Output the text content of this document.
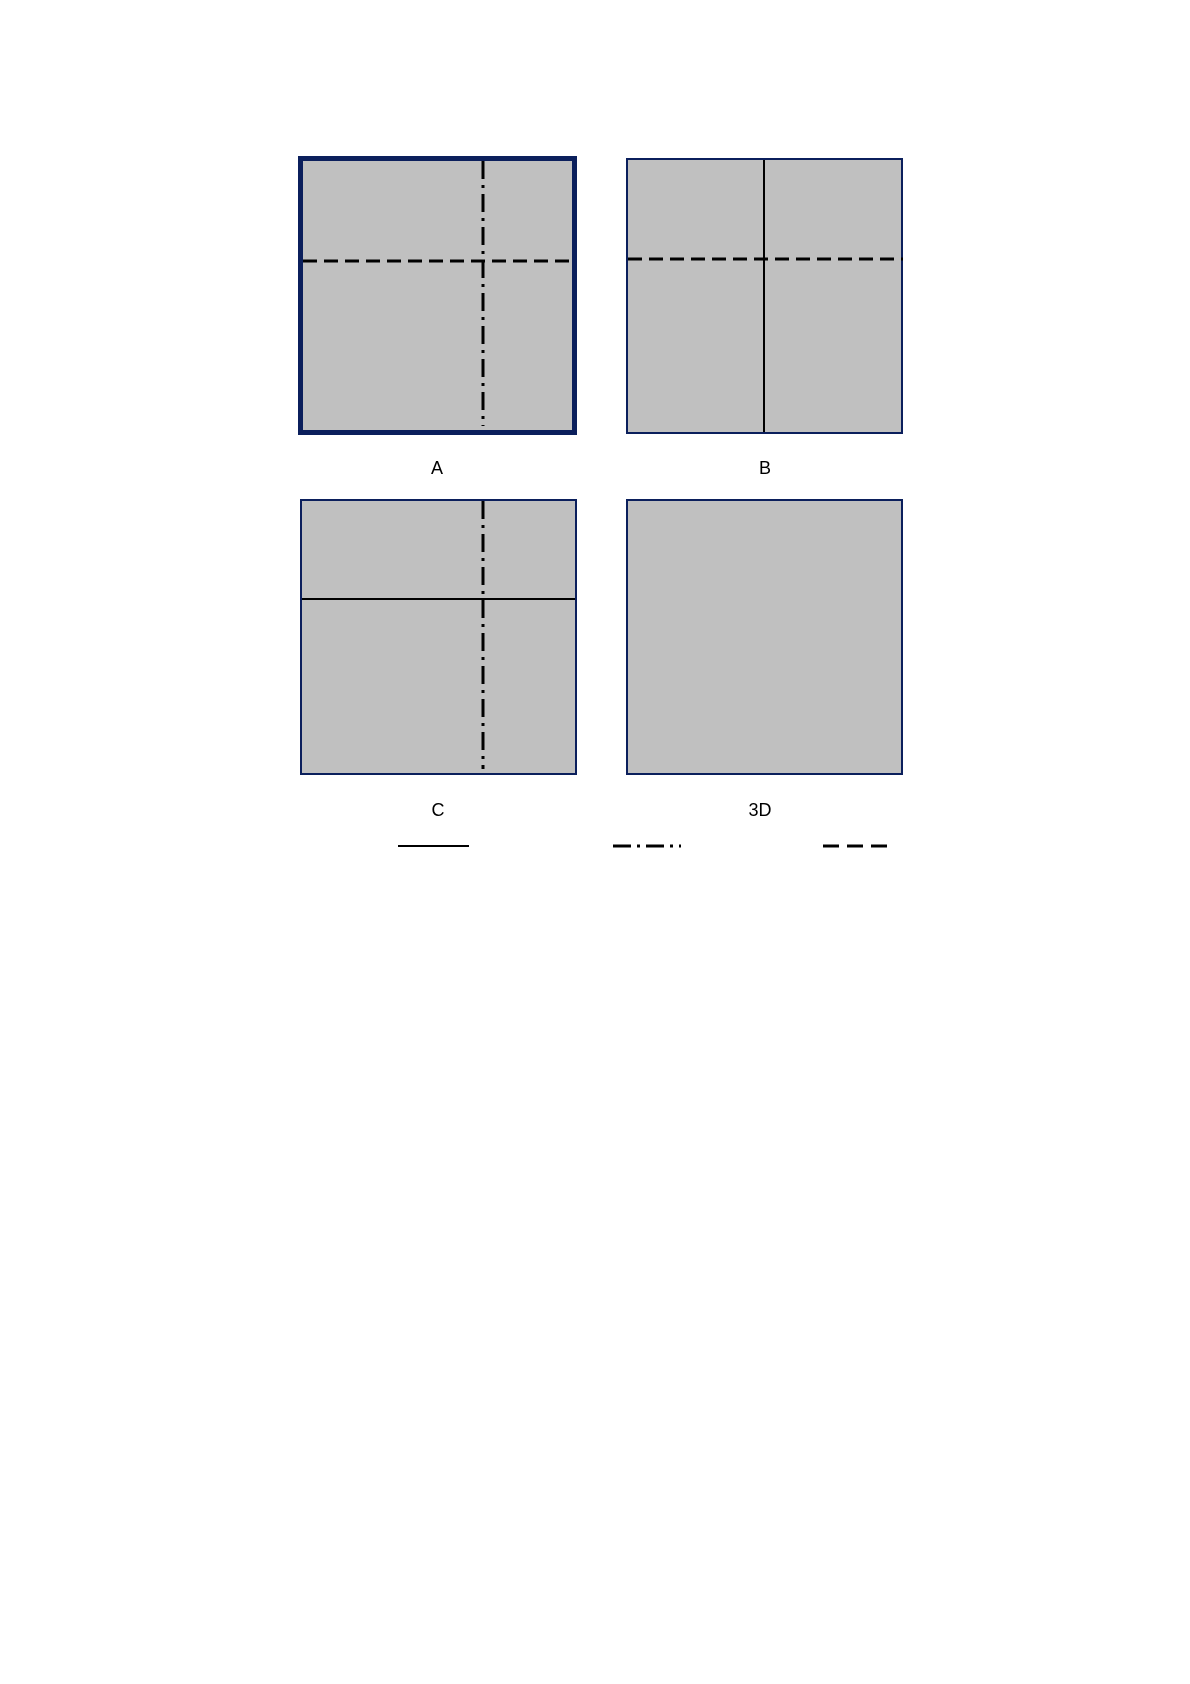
A	B
C	3D
